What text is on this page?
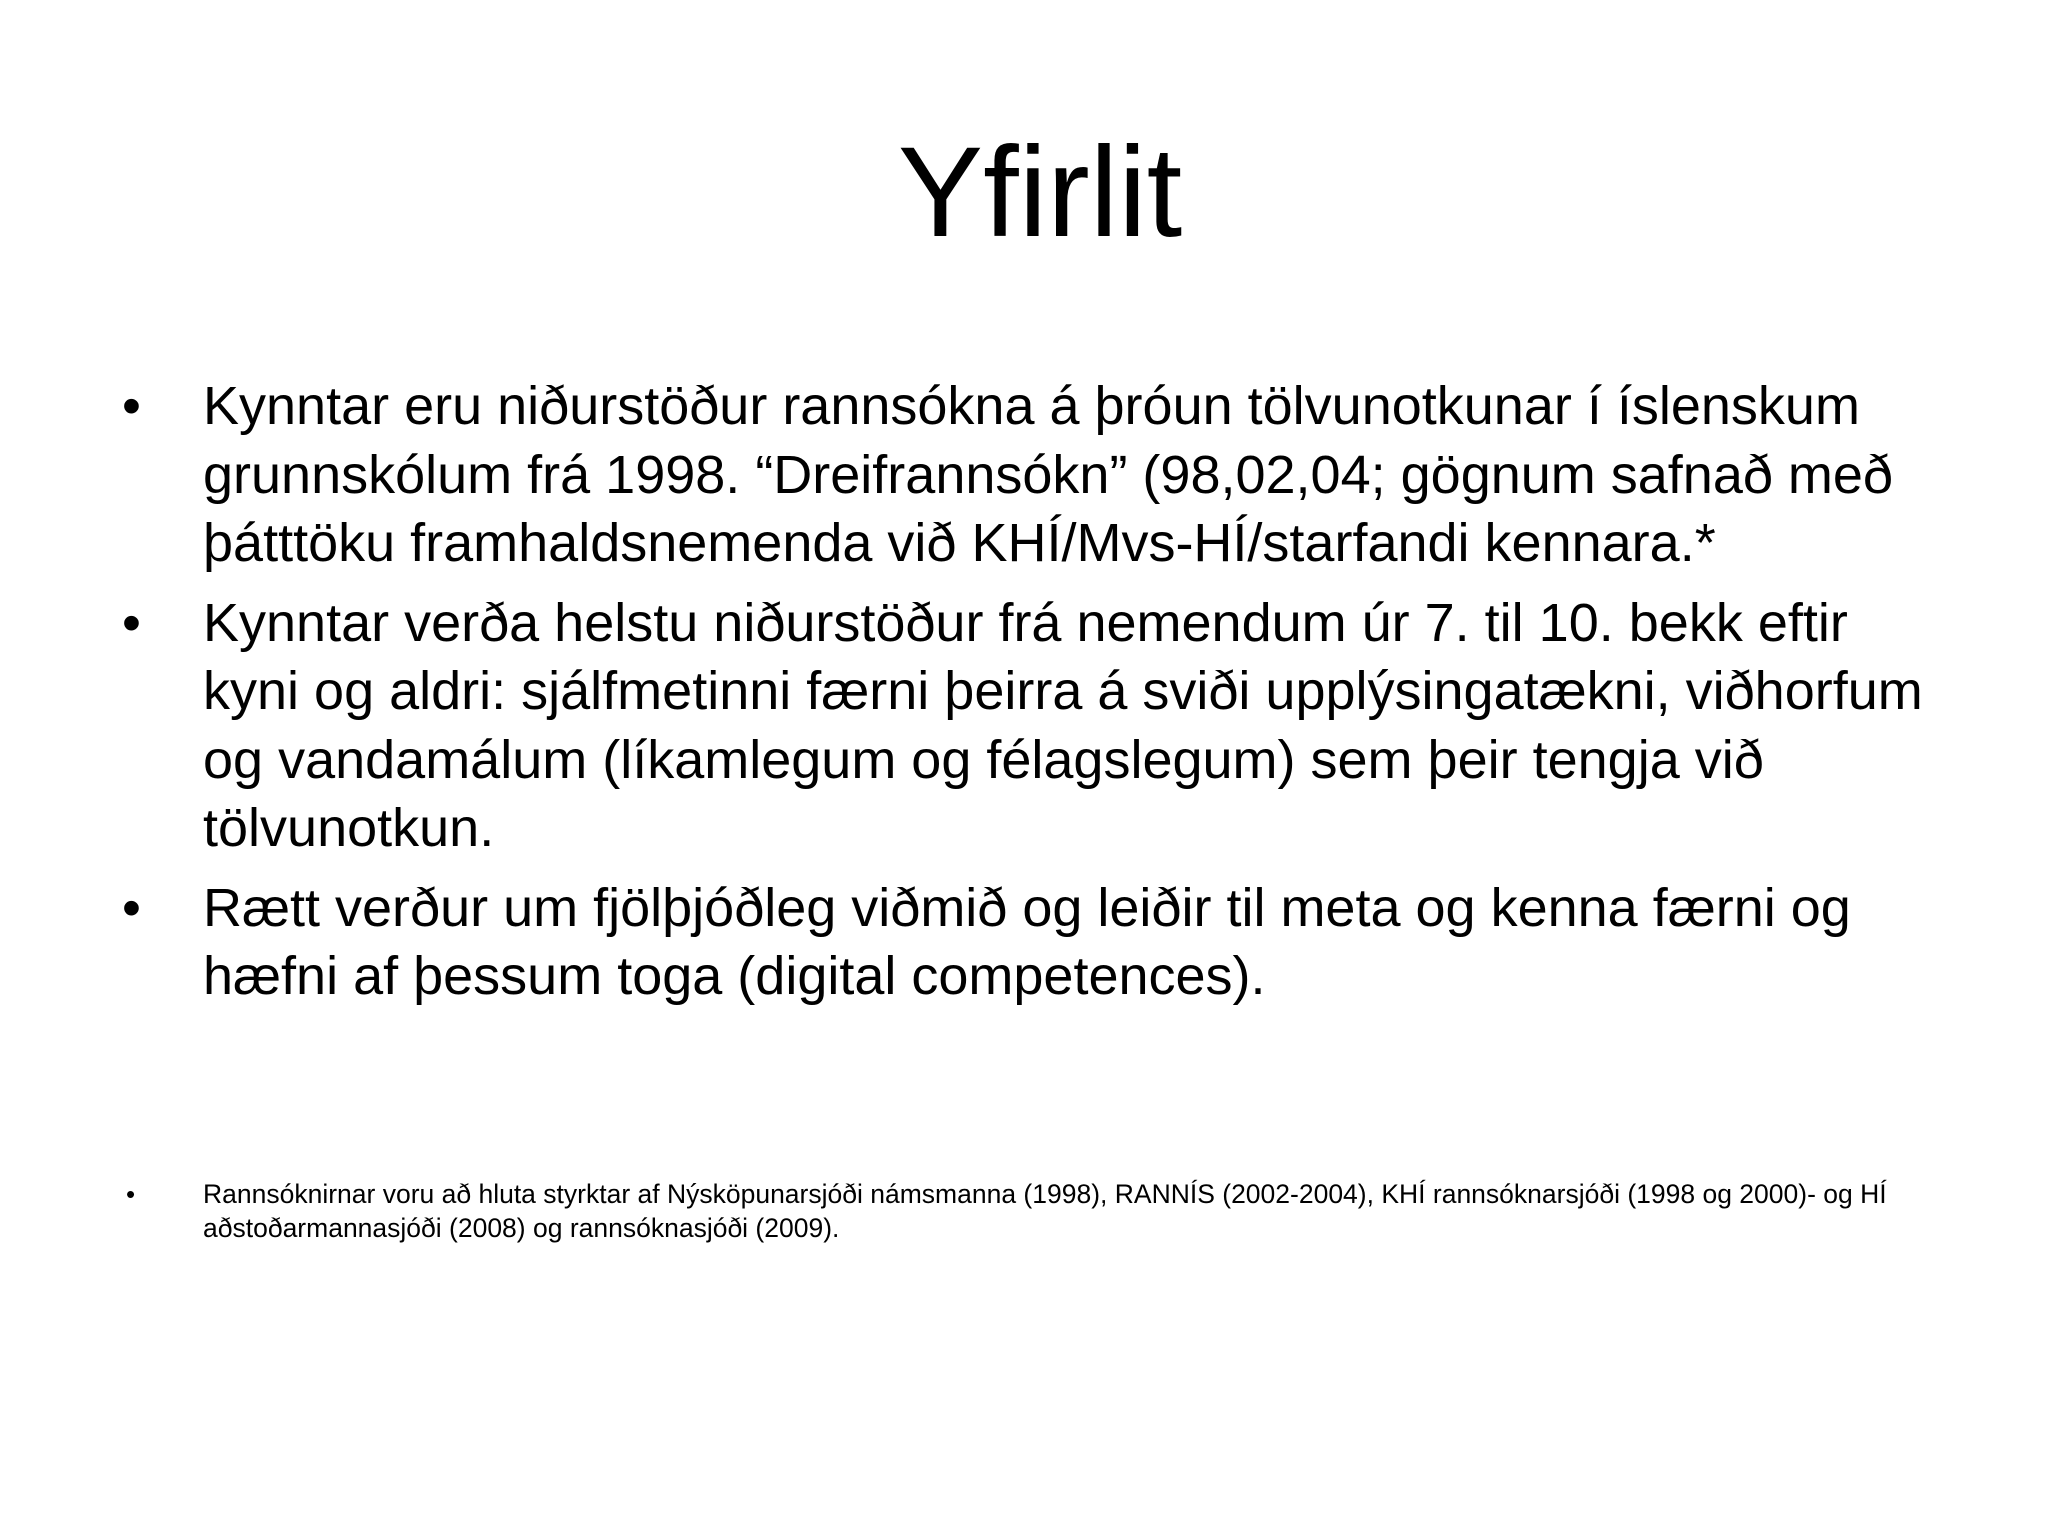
Yfirlit
• Kynntar eru niðurstöður rannsókna á þróun tölvunotkunar í íslenskum grunnskólum frá 1998. “Dreifrannsókn” (98,02,04; gögnum safnað með þátttöku framhaldsnemenda við KHÍ/Mvs-HÍ/starfandi kennara.*
• Kynntar verða helstu niðurstöður frá nemendum úr 7. til 10. bekk eftir kyni og aldri: sjálfmetinni færni þeirra á sviði upplýsingatækni, viðhorfum og vandamálum (líkamlegum og félagslegum) sem þeir tengja við tölvunotkun.
• Rætt verður um fjölþjóðleg viðmið og leiðir til meta og kenna færni og hæfni af þessum toga (digital competences).
•	Rannsóknirnar voru að hluta styrktar af Nýsköpunarsjóði námsmanna (1998), RANNÍS (2002-2004), KHÍ rannsóknarsjóði (1998 og 2000)- og HÍ aðstoðarmannasjóði (2008) og rannsóknasjóði (2009).
